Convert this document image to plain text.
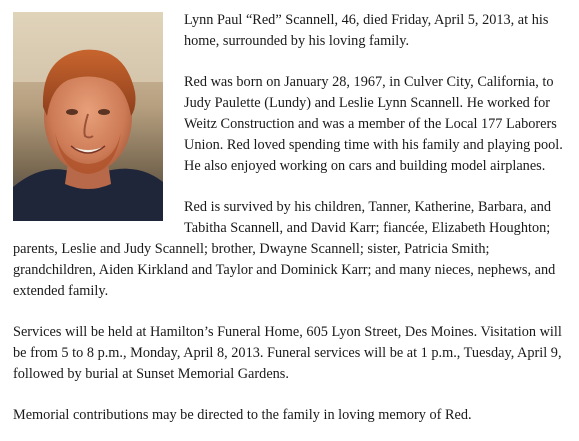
Lynn Paul “Red” Scannell, 46, died Friday, April 5, 2013, at his home, surrounded by his loving family.

Red was born on January 28, 1967, in Culver City, California, to Judy Paulette (Lundy) and Leslie Lynn Scannell. He worked for Weitz Construction and was a member of the Local 177 Laborers Union. Red loved spending time with his family and playing pool. He also enjoyed working on cars and building model airplanes.

Red is survived by his children, Tanner, Katherine, Barbara, and Tabitha Scannell, and David Karr; fiancée, Elizabeth Houghton; parents, Leslie and Judy Scannell; brother, Dwayne Scannell; sister, Patricia Smith; grandchildren, Aiden Kirkland and Taylor and Dominick Karr; and many nieces, nephews, and extended family.

Services will be held at Hamilton’s Funeral Home, 605 Lyon Street, Des Moines. Visitation will be from 5 to 8 p.m., Monday, April 8, 2013. Funeral services will be at 1 p.m., Tuesday, April 9, followed by burial at Sunset Memorial Gardens.

Memorial contributions may be directed to the family in loving memory of Red.
